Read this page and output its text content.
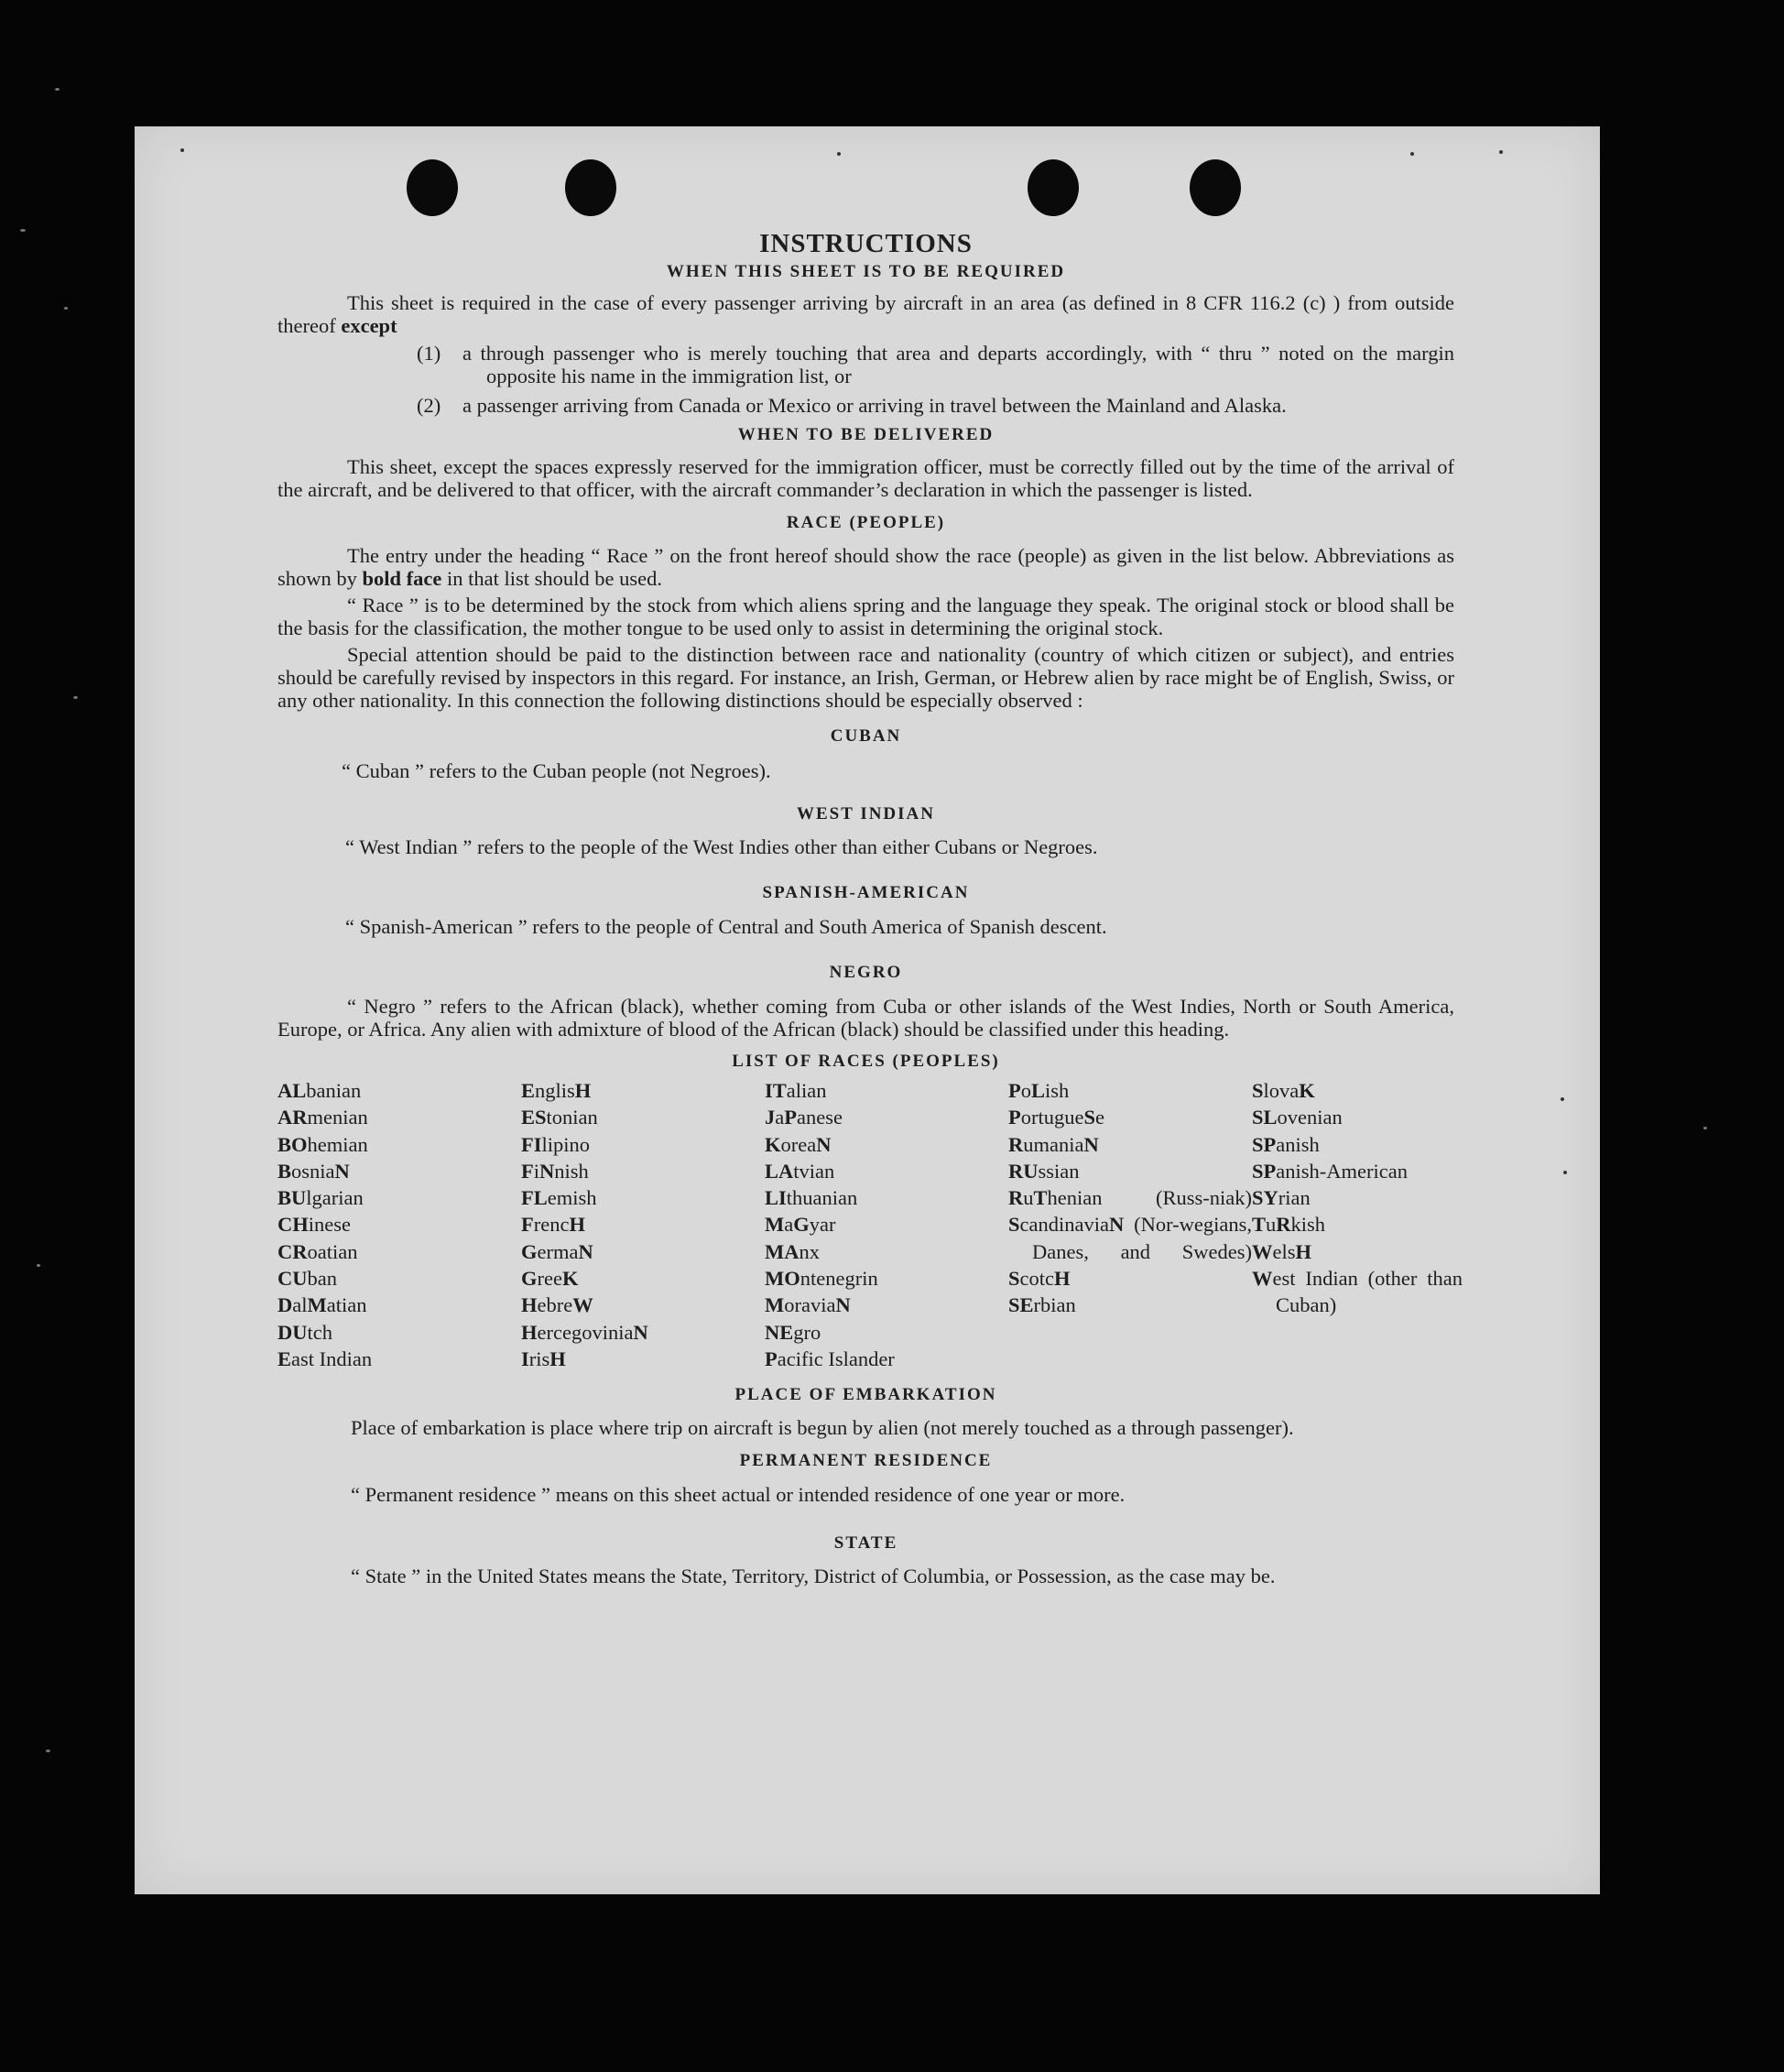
INSTRUCTIONS
WHEN THIS SHEET IS TO BE REQUIRED

This sheet is required in the case of every passenger arriving by aircraft in an area (as defined in 8 CFR 116.2 (c) ) from outside thereof except

(1) a through passenger who is merely touching that area and departs accordingly, with “ thru ” noted on the margin opposite his name in the immigration list, or
(2) a passenger arriving from Canada or Mexico or arriving in travel between the Mainland and Alaska.
WHEN TO BE DELIVERED

This sheet, except the spaces expressly reserved for the immigration officer, must be correctly filled out by the time of the arrival of the aircraft, and be delivered to that officer, with the aircraft commander’s declaration in which the passenger is listed.

RACE (PEOPLE)

The entry under the heading “ Race ” on the front hereof should show the race (people) as given in the list below. Abbreviations as shown by bold face in that list should be used.

“ Race ” is to be determined by the stock from which aliens spring and the language they speak. The original stock or blood shall be the basis for the classification, the mother tongue to be used only to assist in determining the original stock.

Special attention should be paid to the distinction between race and nationality (country of which citizen or subject), and entries should be carefully revised by inspectors in this regard. For instance, an Irish, German, or Hebrew alien by race might be of English, Swiss, or any other nationality. In this connection the following distinctions should be especially observed :

CUBAN

“ Cuban ” refers to the Cuban people (not Negroes).

WEST INDIAN

“ West Indian ” refers to the people of the West Indies other than either Cubans or Negroes.

SPANISH-AMERICAN

“ Spanish-American ” refers to the people of Central and South America of Spanish descent.

NEGRO

“ Negro ” refers to the African (black), whether coming from Cuba or other islands of the West Indies, North or South America, Europe, or Africa. Any alien with admixture of blood of the African (black) should be classified under this heading.

LIST OF RACES (PEOPLES)
ALbanian
ARmenian
BOhemian
BosniaN
BUlgarian
CHinese
CRoatian
CUban
DalMatian
DUtch
East Indian
EnglisH
EStonian
FIlipino
FiNnish
FLemish
FrencH
GermaN
GreeK
HebreW
HercegoviniaN
IrisH
ITalian
JaPanese
KoreaN
LAtvian
LIthuanian
MaGyar
MAnx
MOntenegrin
MoraviaN
NEgro
Pacific Islander
PoLish
PortugueSe
RumaniaN
RUssian
RuThenian (Russ-niak)
ScandinaviaN (Nor-wegians, Danes, and Swedes)
ScotcH
SErbian
SlovaK
SLovenian
SPanish
SPanish-American
SYrian
TuRkish
WelsH
West Indian (other than Cuban)
PLACE OF EMBARKATION

Place of embarkation is place where trip on aircraft is begun by alien (not merely touched as a through passenger).

PERMANENT RESIDENCE

“ Permanent residence ” means on this sheet actual or intended residence of one year or more.

STATE

“ State ” in the United States means the State, Territory, District of Columbia, or Possession, as the case may be.
